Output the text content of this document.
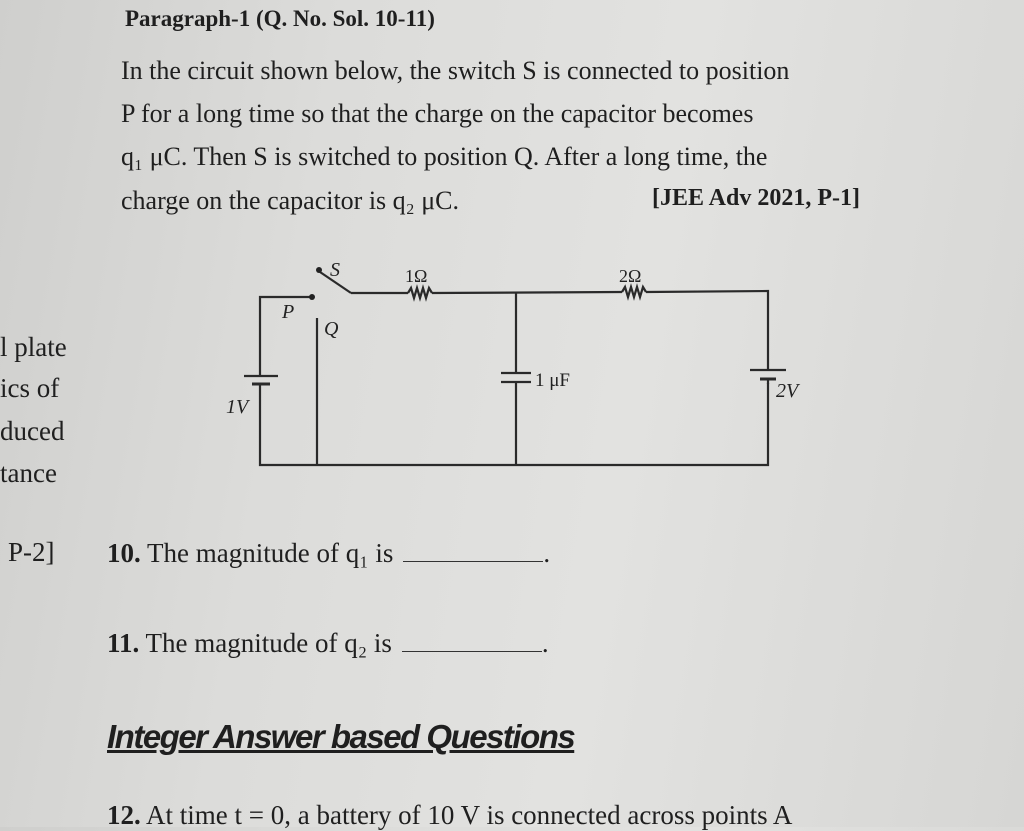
Paragraph-1 (Q. No. Sol. 10-11)
In the circuit shown below, the switch S is connected to position
P for a long time so that the charge on the capacitor becomes
q₁ μC. Then S is switched to position Q. After a long time, the
charge on the capacitor is q₂ μC.	[JEE Adv 2021, P-1]
l plate
ics of
duced
tance
P-2]
S
P
Q
1Ω	2Ω
1 μF
1V
2V
10. The magnitude of q₁ is	.
11. The magnitude of q₂ is	.
Integer Answer based Questions
12. At time t = 0, a battery of 10 V is connected across points A
